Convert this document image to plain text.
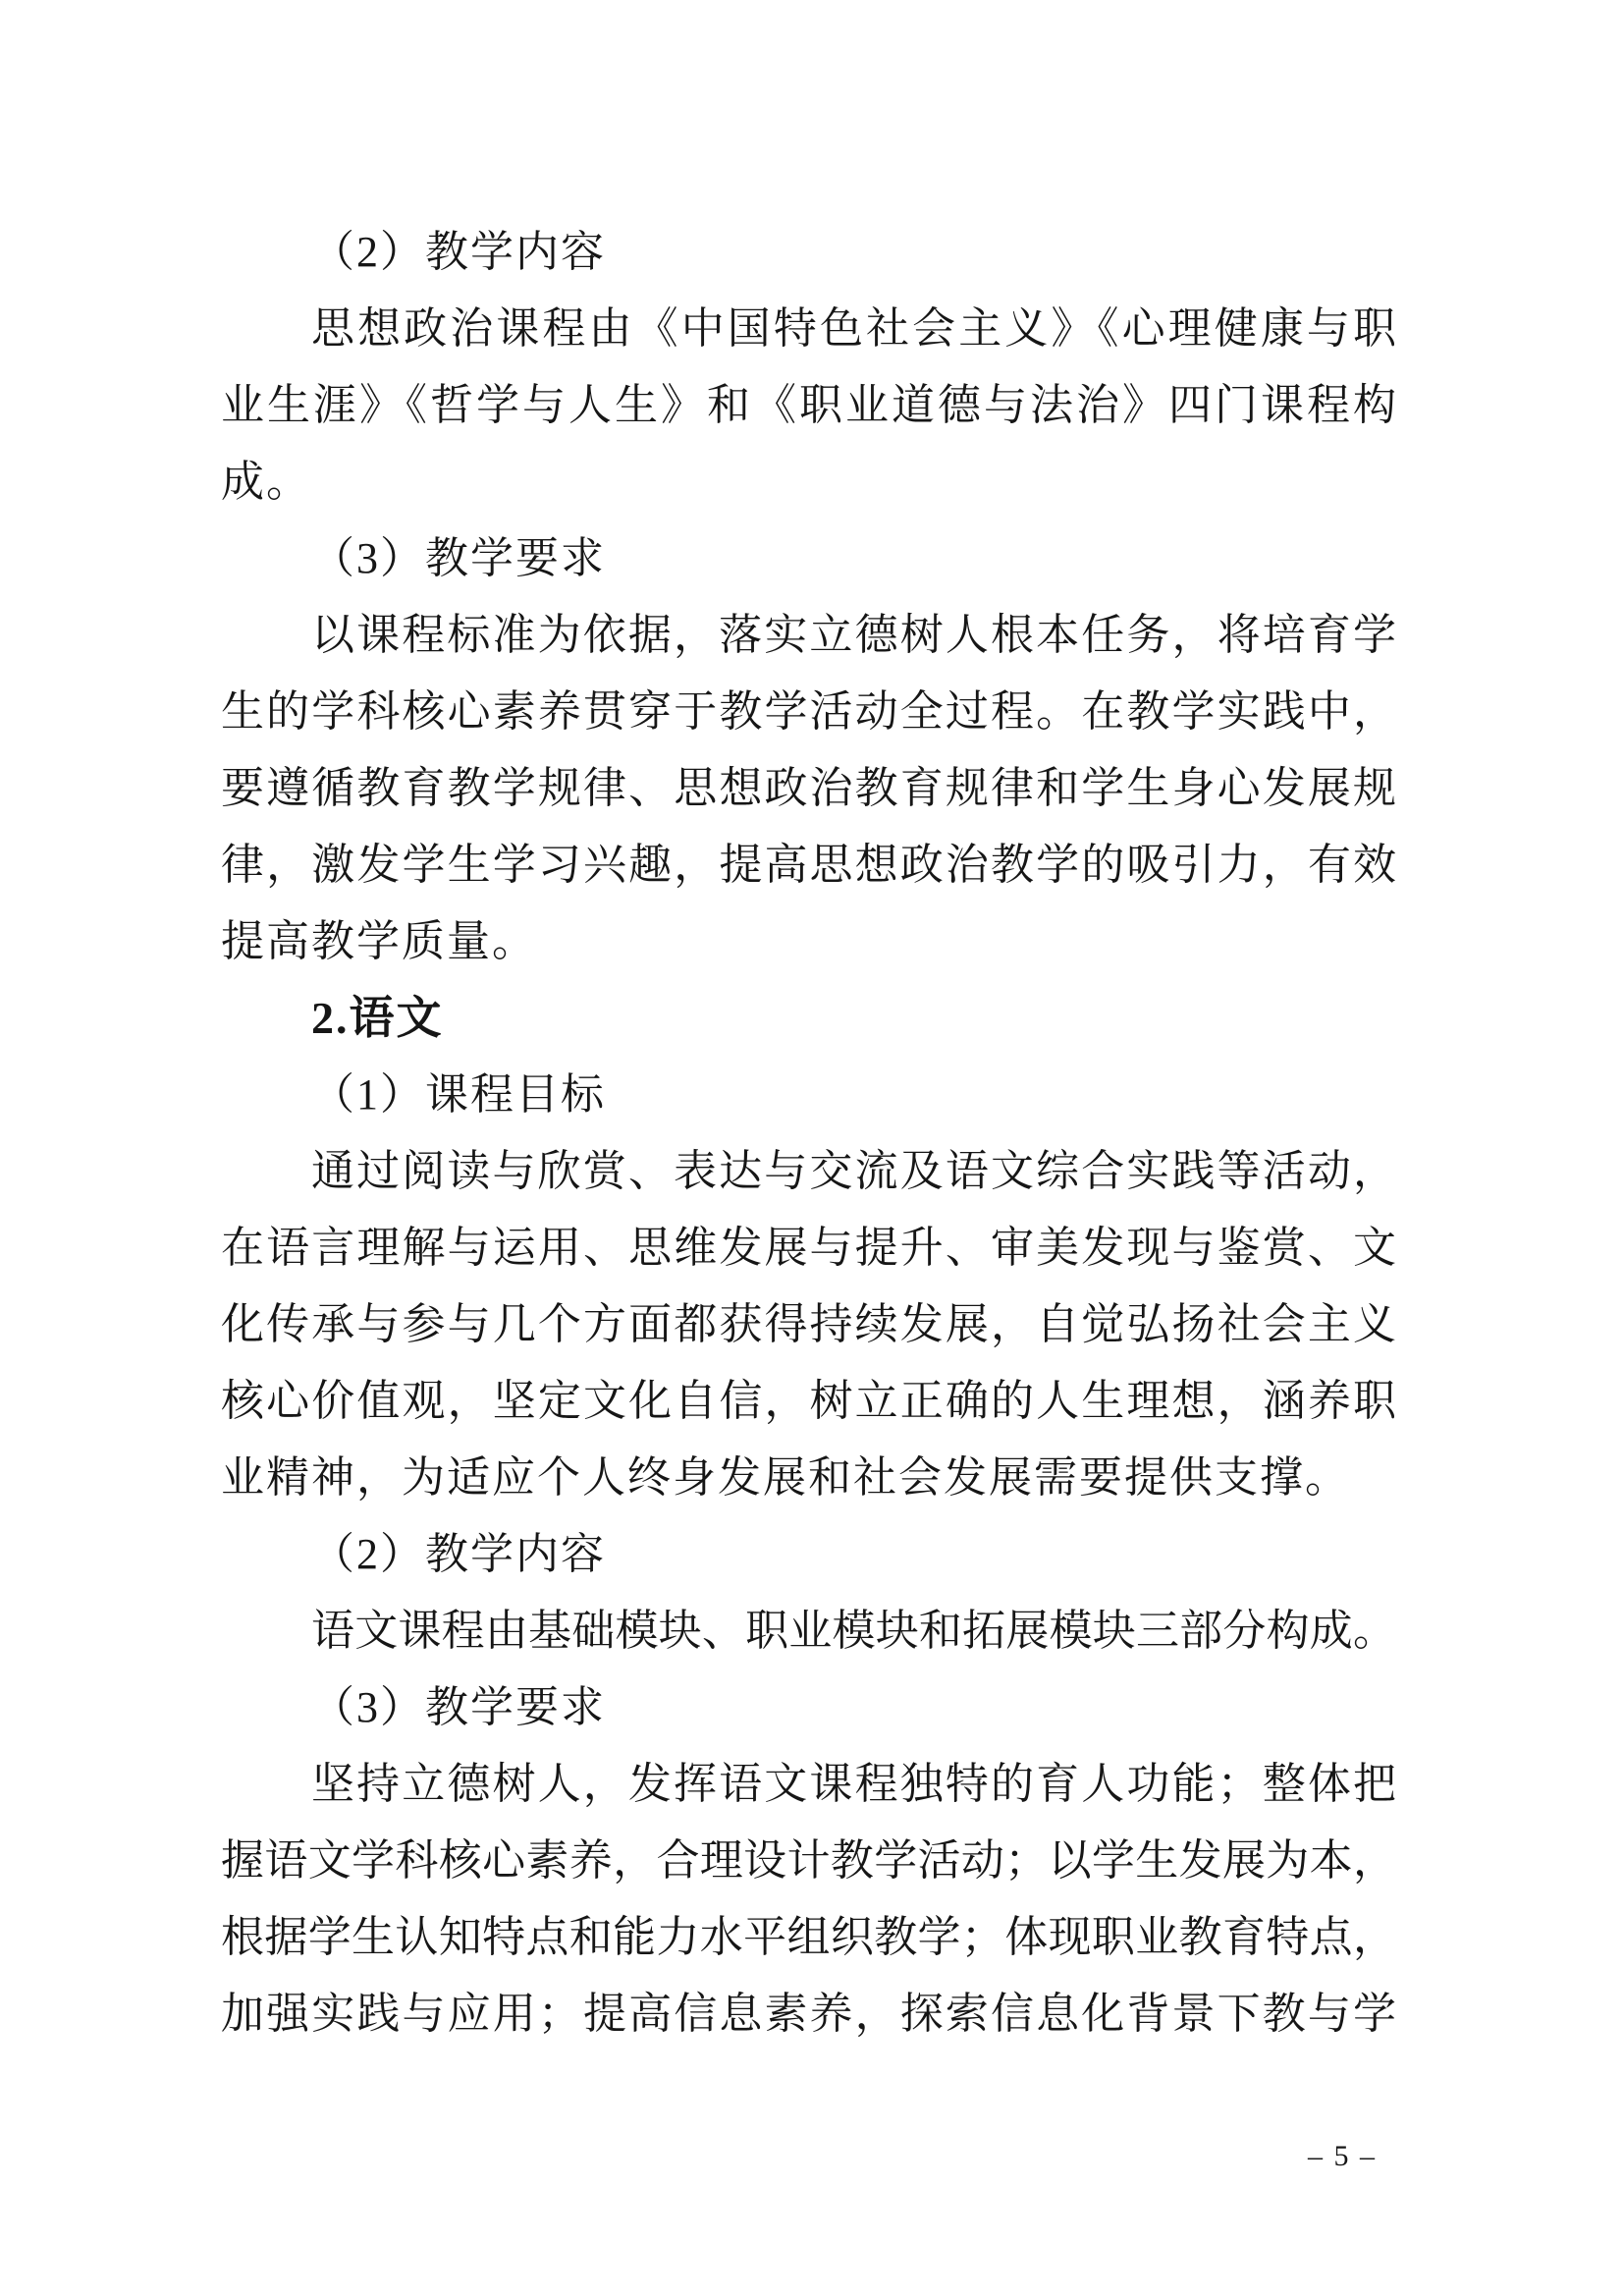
（2）教学内容
思想政治课程由《中国特色社会主义》《心理健康与职
业生涯》《哲学与人生》和《职业道德与法治》四门课程构
成。
（3）教学要求
以课程标准为依据，落实立德树人根本任务，将培育学
生的学科核心素养贯穿于教学活动全过程。在教学实践中，
要遵循教育教学规律、思想政治教育规律和学生身心发展规
律，激发学生学习兴趣，提高思想政治教学的吸引力，有效
提高教学质量。
2.语文
（1）课程目标
通过阅读与欣赏、表达与交流及语文综合实践等活动，
在语言理解与运用、思维发展与提升、审美发现与鉴赏、文
化传承与参与几个方面都获得持续发展，自觉弘扬社会主义
核心价值观，坚定文化自信，树立正确的人生理想，涵养职
业精神，为适应个人终身发展和社会发展需要提供支撑。
（2）教学内容
语文课程由基础模块、职业模块和拓展模块三部分构成。
（3）教学要求
坚持立德树人，发挥语文课程独特的育人功能；整体把
握语文学科核心素养，合理设计教学活动；以学生发展为本，
根据学生认知特点和能力水平组织教学；体现职业教育特点，
加强实践与应用；提高信息素养，探索信息化背景下教与学
– 5 –
